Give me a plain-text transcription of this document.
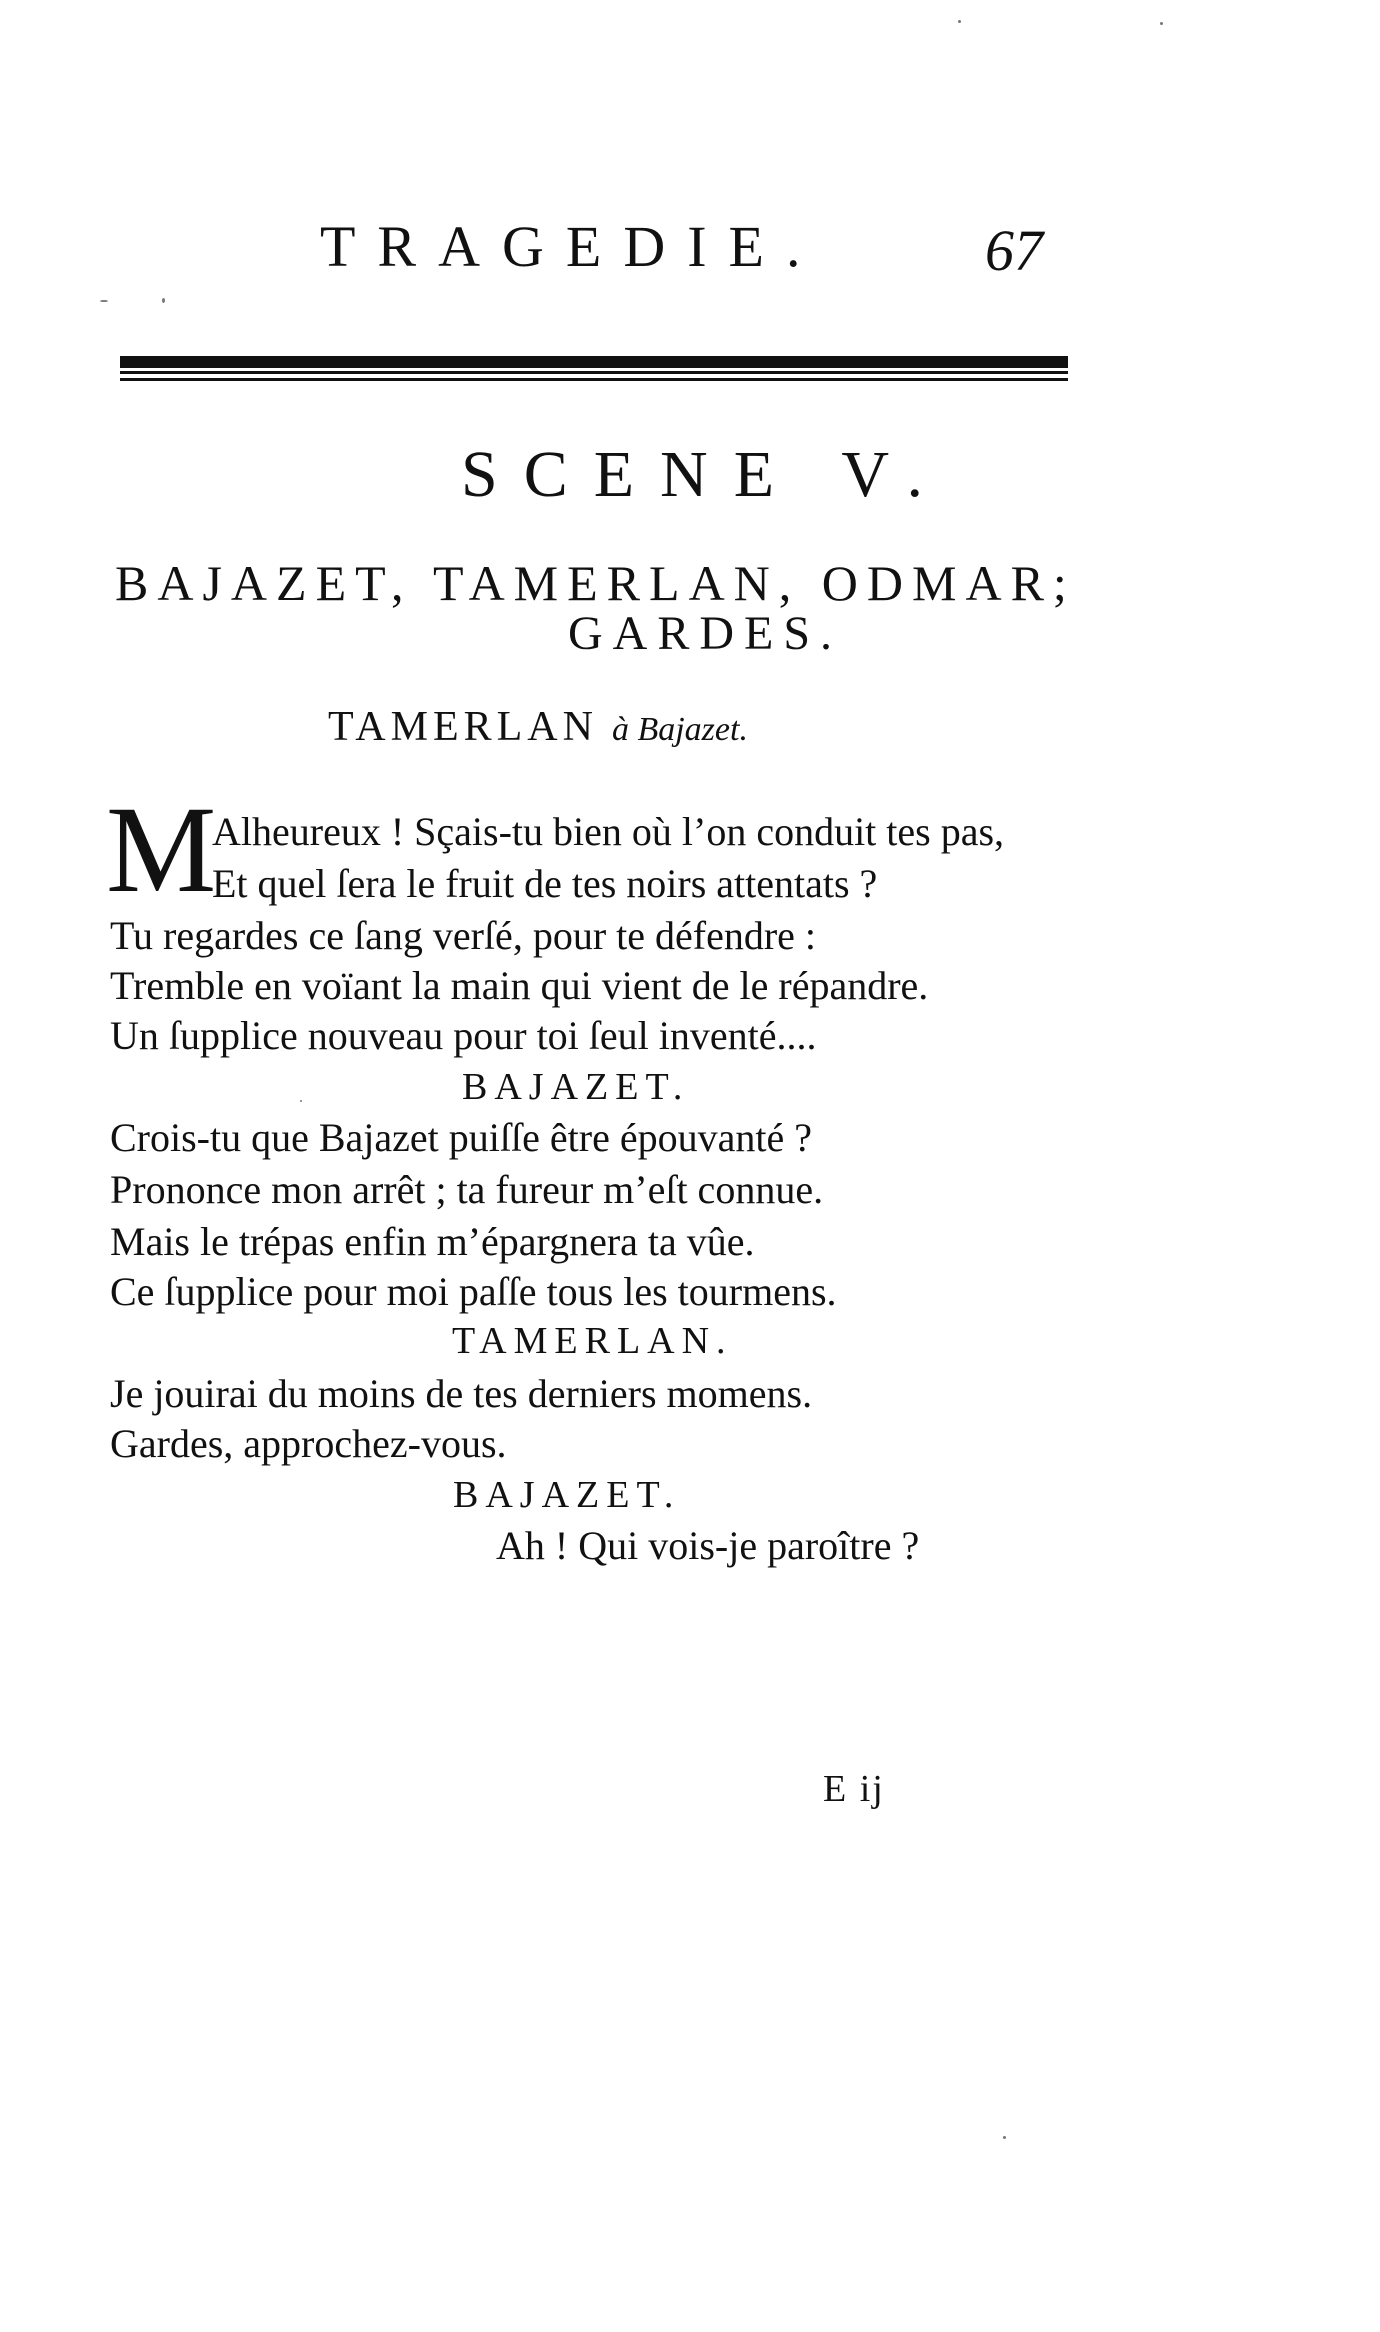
TRAGEDIE.	67
SCENE V.
BAJAZET, TAMERLAN, ODMAR;
GARDES.
TAMERLAN à Bajazet.
M
Alheureux ! Sçais-tu bien où l’on conduit tes pas,
Et quel ſera le fruit de tes noirs attentats ?
Tu regardes ce ſang verſé, pour te défendre :
Tremble en voïant la main qui vient de le répandre.
Un ſupplice nouveau pour toi ſeul inventé....
BAJAZET.
Crois-tu que Bajazet puiſſe être épouvanté ?
Prononce mon arrêt ; ta fureur m’eſt connue.
Mais le trépas enfin m’épargnera ta vûe.
Ce ſupplice pour moi paſſe tous les tourmens.
TAMERLAN.
Je jouirai du moins de tes derniers momens.
Gardes, approchez-vous.
BAJAZET.
Ah ! Qui vois-je paroître ?
E ij
